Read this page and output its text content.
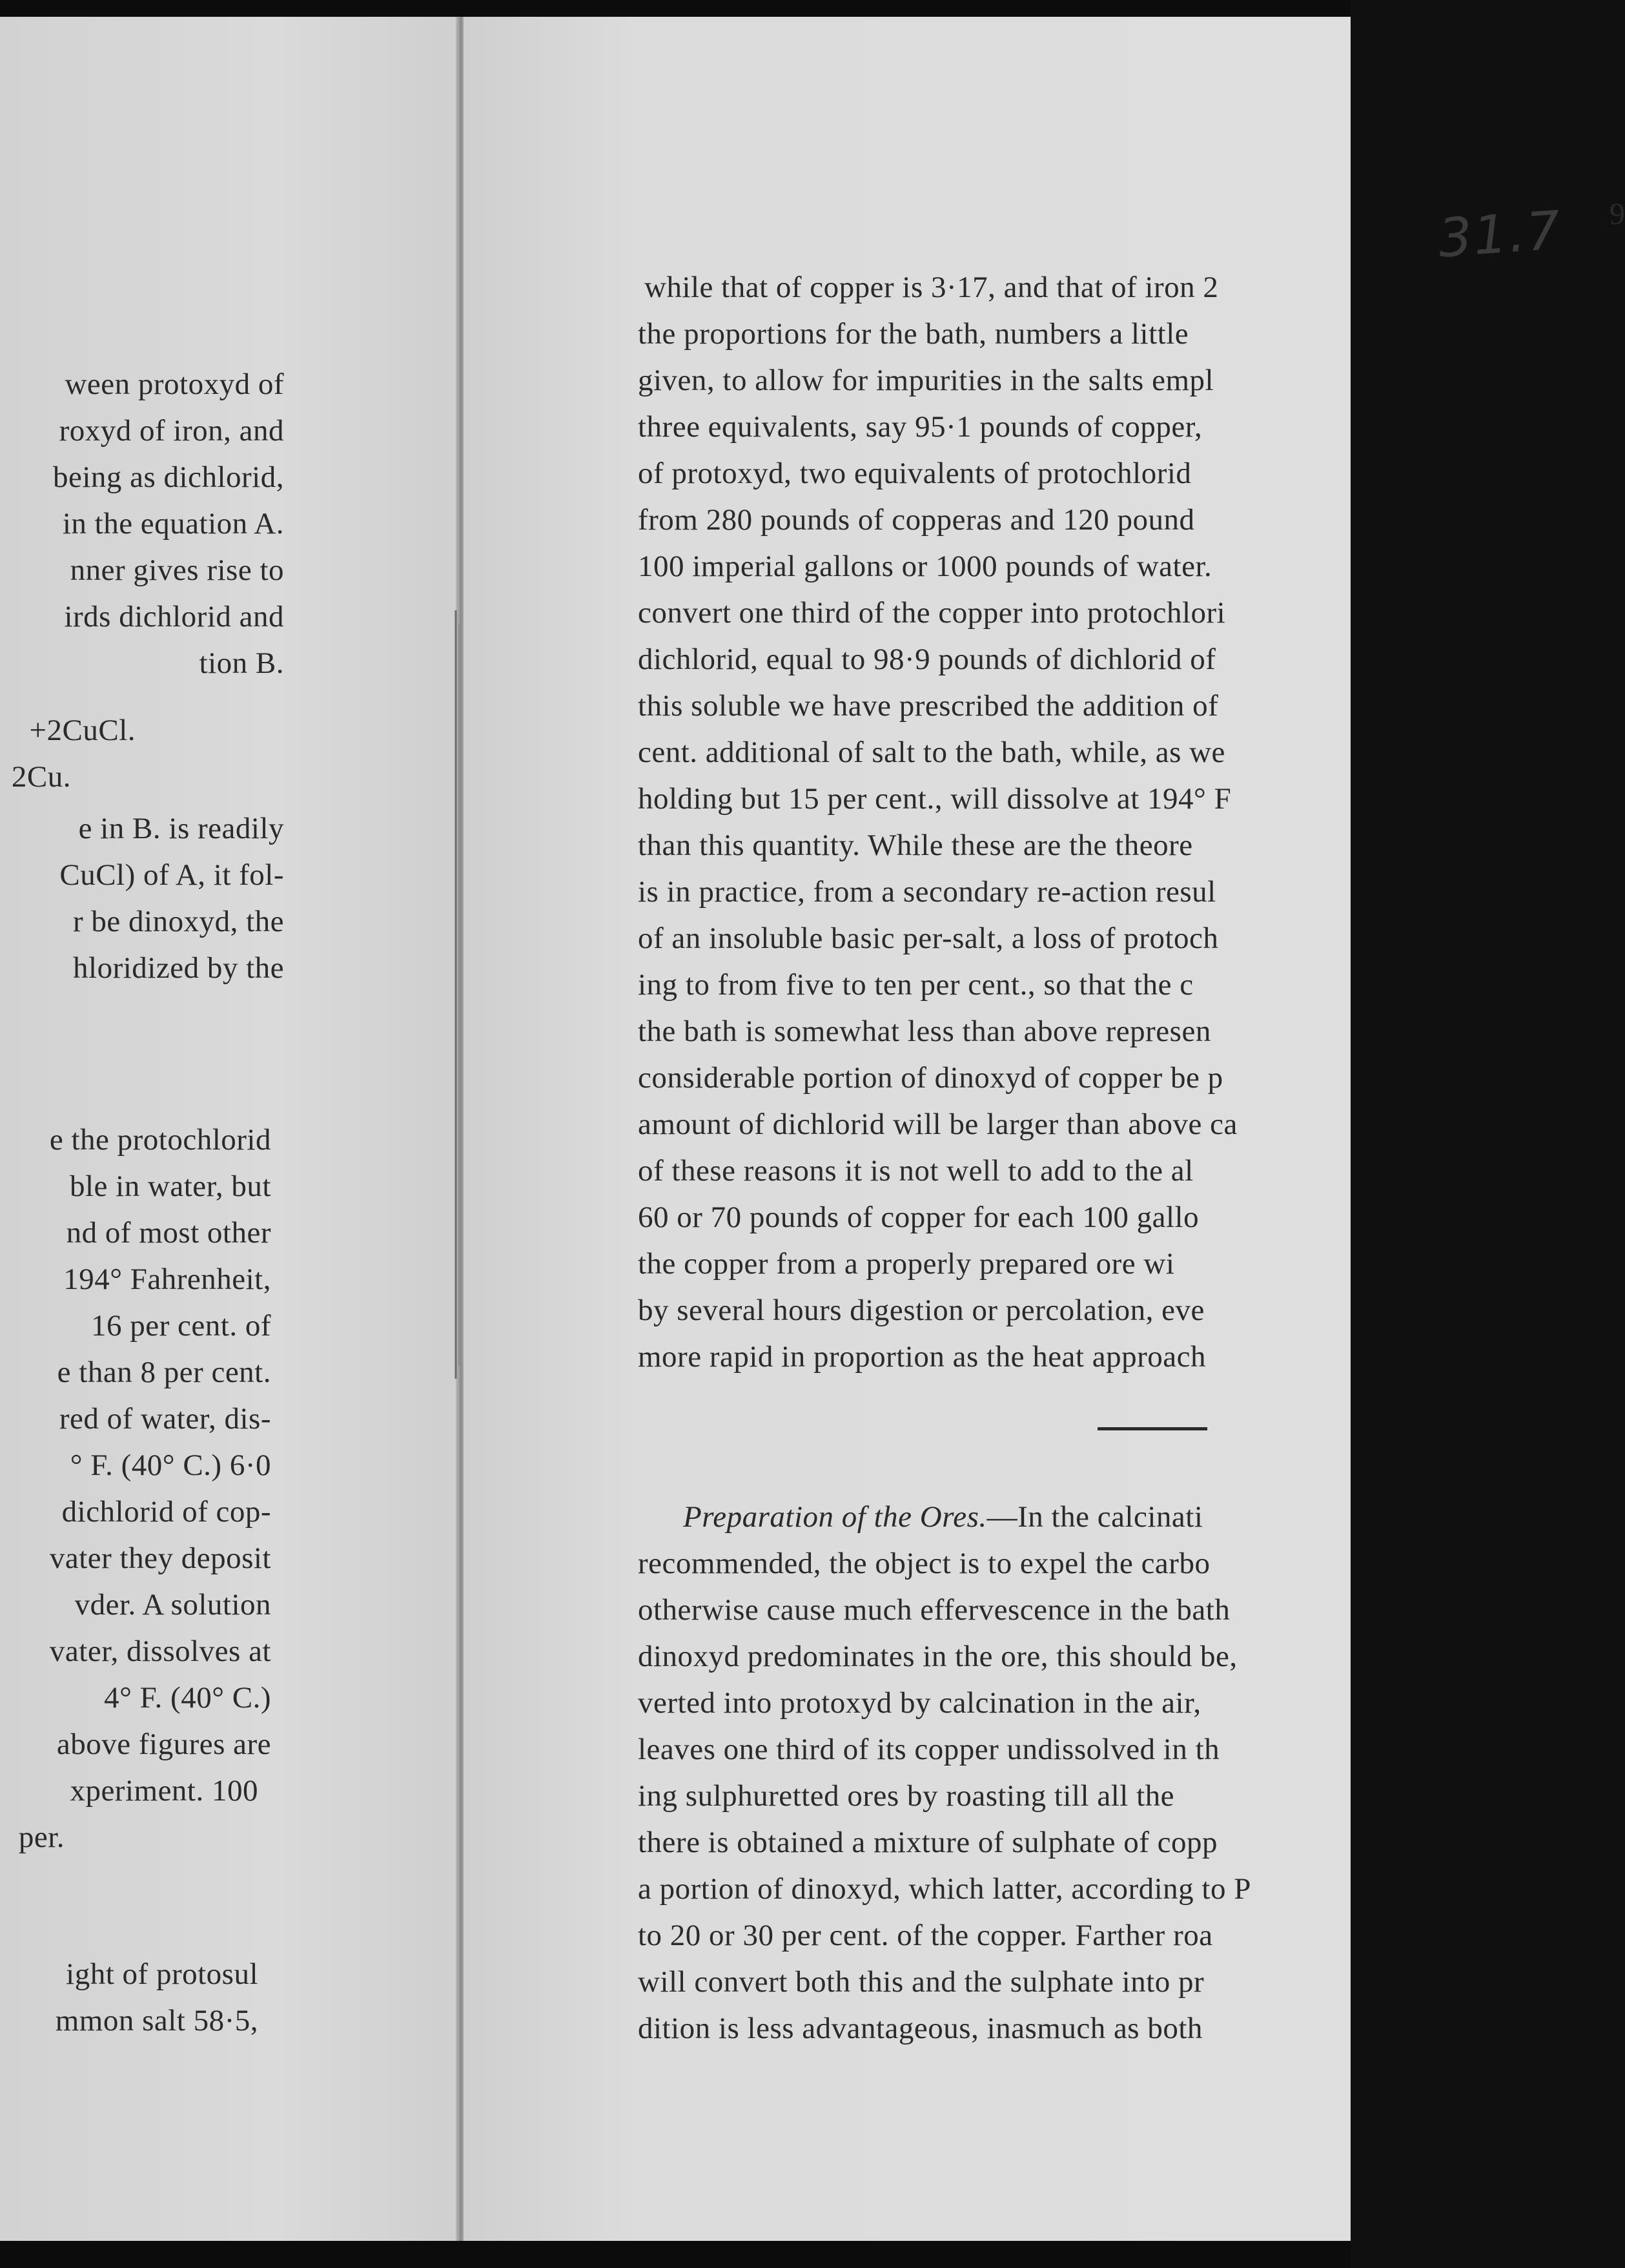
ween protoxyd of
roxyd of iron, and
being as dichlorid,
in the equation A.
nner gives rise to
irds dichlorid and
tion B.
+2CuCl.
2Cu.
e in B. is readily
CuCl) of A, it fol-
r be dinoxyd, the
hloridized by the
e the protochlorid
ble in water, but
nd of most other
194° Fahrenheit,
16 per cent. of
e than 8 per cent.
red of water, dis-
° F. (40° C.) 6·0
dichlorid of cop-
vater they deposit
vder. A solution
vater, dissolves at
4° F. (40° C.)
above figures are
xperiment. 100
per.
ight of protosul
mmon salt 58·5,
31.7 9
while that of copper is 3·17, and that of iron 2
the proportions for the bath, numbers a little
given, to allow for impurities in the salts empl
three equivalents, say 95·1 pounds of copper,
of protoxyd, two equivalents of protochlorid
from 280 pounds of copperas and 120 pound
100 imperial gallons or 1000 pounds of water.
convert one third of the copper into protochlori
dichlorid, equal to 98·9 pounds of dichlorid of
this soluble we have prescribed the addition of
cent. additional of salt to the bath, while, as we
holding but 15 per cent., will dissolve at 194° F
than this quantity. While these are the theore
is in practice, from a secondary re-action resul
of an insoluble basic per-salt, a loss of protoch
ing to from five to ten per cent., so that the c
the bath is somewhat less than above represen
considerable portion of dinoxyd of copper be p
amount of dichlorid will be larger than above ca
of these reasons it is not well to add to the al
60 or 70 pounds of copper for each 100 gallo
the copper from a properly prepared ore wi
by several hours digestion or percolation, eve
more rapid in proportion as the heat approach
Preparation of the Ores.—In the calcinati
recommended, the object is to expel the carbo
otherwise cause much effervescence in the bath
dinoxyd predominates in the ore, this should be,
verted into protoxyd by calcination in the air,
leaves one third of its copper undissolved in th
ing sulphuretted ores by roasting till all the
there is obtained a mixture of sulphate of copp
a portion of dinoxyd, which latter, according to P
to 20 or 30 per cent. of the copper. Farther roa
will convert both this and the sulphate into pr
dition is less advantageous, inasmuch as both
